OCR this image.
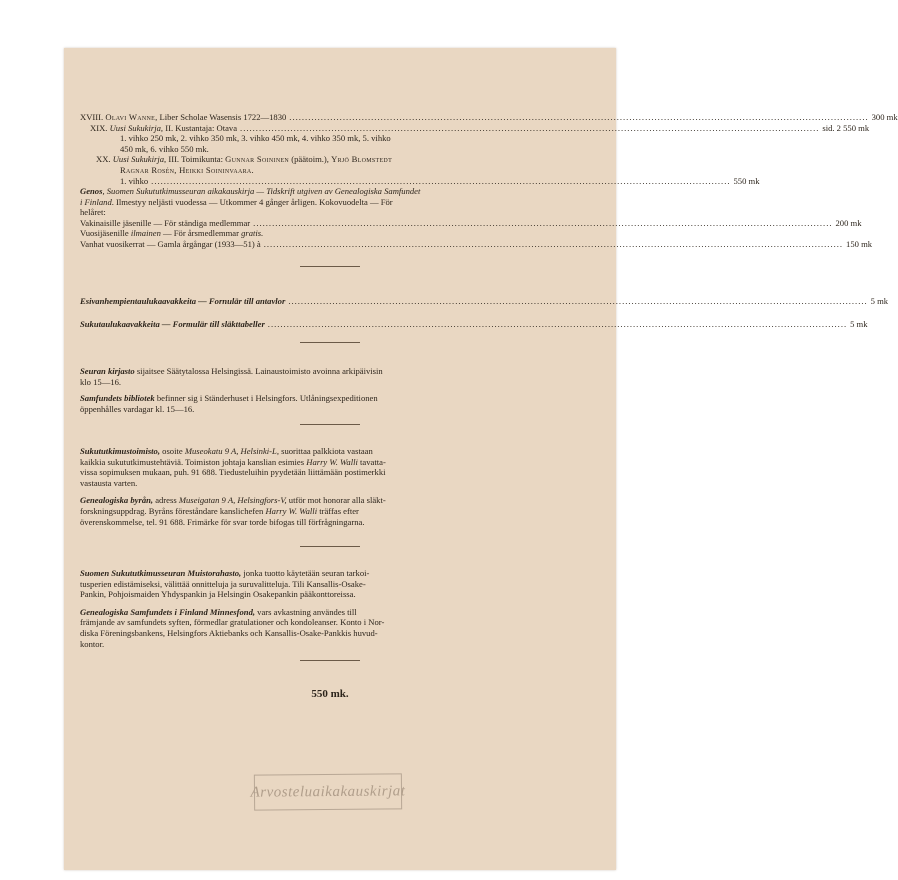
XVIII. Olavi Wanne, Liber Scholae Wasensis 1722—1830 .....	300 mk
XIX. Uusi Sukukirja, II. Kustantaja: Otava .....	sid. 2 550 mk
1. vihko 250 mk, 2. vihko 350 mk, 3. vihko 450 mk, 4. vihko 350 mk, 5. vihko
450 mk, 6. vihko 550 mk.
XX. Uusi Sukukirja, III. Toimikunta: Gunnar Soininen (päätoim.), Yrjö Blomstedt
Ragnar Rosén, Heikki Soininvaara.
1. vihko .....	550 mk
Genos, Suomen Sukututkimusseuran aikakauskirja — Tidskrift utgiven av Genealogiska Samfundet
i Finland. Ilmestyy neljästi vuodessa — Utkommer 4 gånger årligen. Kokovuodelta — För
helåret:
Vakinaisille jäsenille — För ständiga medlemmar .....	200 mk
Vuosijäsenille ilmainen — För årsmedlemmar gratis.
Vanhat vuosikerrat — Gamla årgångar (1933—51) à .....	150 mk
Esivanhempientaulukaavakkeita — Fornulär till antavlor .....	5 mk
Sukutaulukaavakkeita — Formulär till släkttabeller .....	5 mk
Seuran kirjasto sijaitsee Säätytalossa Helsingissä. Lainaustoimisto avoinna arkipäivisin
klo 15—16.
Samfundets bibliotek befinner sig i Ständerhuset i Helsingfors. Utlåningsexpeditionen
öppenhålles vardagar kl. 15—16.
Sukututkimustoimisto, osoite Museokatu 9 A, Helsinki-L, suorittaa palkkiota vastaan
kaikkia sukututkimustehtäviä. Toimiston johtaja kanslian esimies Harry W. Walli tavatta-
vissa sopimuksen mukaan, puh. 91 688. Tiedusteluihin pyydetään liittämään postimerkki
vastausta varten.
Genealogiska byrån, adress Museigatan 9 A, Helsingfors-V, utför mot honorar alla släkt-
forskningsuppdrag. Byråns föreståndare kanslichefen Harry W. Walli träffas efter
överenskommelse, tel. 91 688. Frimärke för svar torde bifogas till förfrågningarna.
Suomen Sukututkimusseuran Muistorahasto, jonka tuotto käytetään seuran tarkoi-
tusperien edistämiseksi, välittää onnitteluja ja suruvalitteluja. Tili Kansallis-Osake-
Pankin, Pohjoismaiden Yhdyspankin ja Helsingin Osakepankin pääkonttoreissa.
Genealogiska Samfundets i Finland Minnesfond, vars avkastning användes till
främjande av samfundets syften, förmedlar gratulationer och kondoleanser. Konto i Nor-
diska Föreningsbankens, Helsingfors Aktiebanks och Kansallis-Osake-Pankkis huvud-
kontor.
550 mk.
Arvosteluaikakauskirjat
